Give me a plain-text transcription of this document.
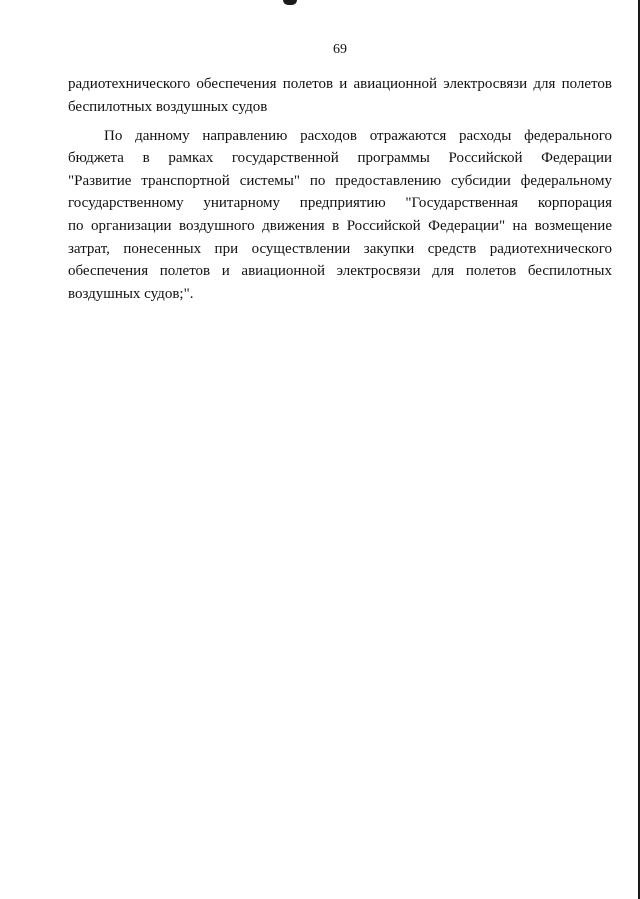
69
радиотехнического обеспечения полетов и авиационной электросвязи для полетов
беспилотных воздушных судов
По данному направлению расходов отражаются расходы федерального
бюджета в рамках государственной программы Российской Федерации
"Развитие транспортной системы" по предоставлению субсидии федеральному
государственному унитарному предприятию "Государственная корпорация
по организации воздушного движения в Российской Федерации" на возмещение
затрат, понесенных при осуществлении закупки средств радиотехнического
обеспечения полетов и авиационной электросвязи для полетов беспилотных
воздушных судов;".
